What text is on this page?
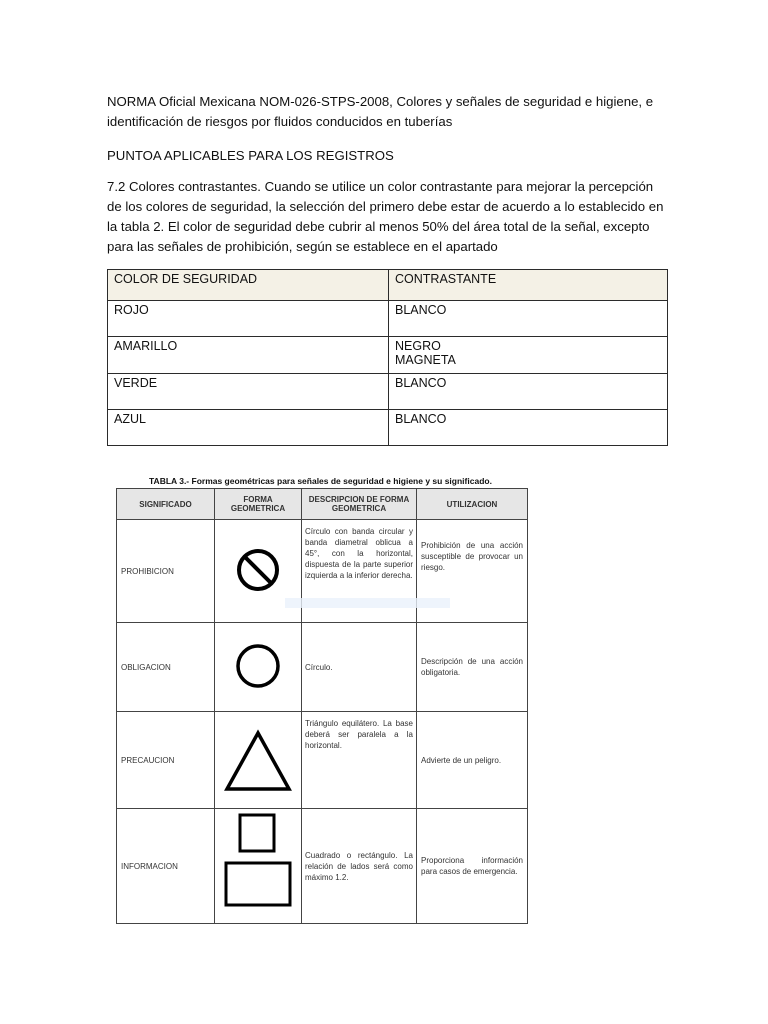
NORMA Oficial Mexicana NOM-026-STPS-2008, Colores y señales de seguridad e higiene, e identificación de riesgos por fluidos conducidos en tuberías
PUNTOA APLICABLES PARA LOS REGISTROS
7.2 Colores contrastantes. Cuando se utilice un color contrastante para mejorar la percepción de los colores de seguridad, la selección del primero debe estar de acuerdo a lo establecido en la tabla 2. El color de seguridad debe cubrir al menos 50% del área total de la señal, excepto para las señales de prohibición, según se establece en el apartado
COLOR DE SEGURIDAD	CONTRASTANTE
ROJO	BLANCO

AMARILLO	NEGRO
MAGNETA

VERDE	BLANCO

AZUL	BLANCO
TABLA 3.- Formas geométricas para señales de seguridad e higiene y su significado.
SIGNIFICADO	FORMA GEOMETRICA	DESCRIPCION DE FORMA GEOMETRICA	UTILIZACION
PROHIBICION		Círculo con banda circular y banda diametral oblicua a 45°, con la horizontal, dispuesta de la parte superior izquierda a la inferior derecha.	Prohibición de una acción susceptible de provocar un riesgo.
OBLIGACION		Círculo.	Descripción de una acción obligatoria.
PRECAUCION		Triángulo equilátero. La base deberá ser paralela a la horizontal.	Advierte de un peligro.
INFORMACION		Cuadrado o rectángulo. La relación de lados será como máximo 1.2.	Proporciona información para casos de emergencia.
